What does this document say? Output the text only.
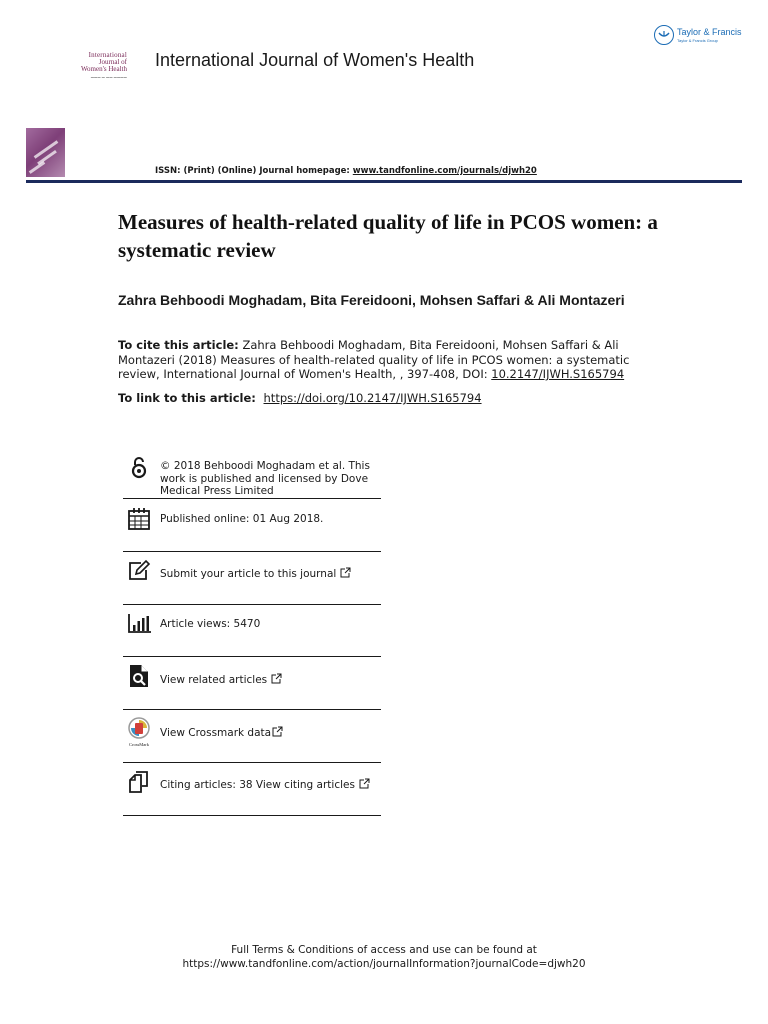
Taylor & Francis
Taylor & Francis Group
International
Journal of
Women's Health
▬▬▬ ▬ ▬▬ ▬▬▬▬
International Journal of Women's Health
ISSN: (Print) (Online) Journal homepage: www.tandfonline.com/journals/djwh20
Measures of health-related quality of life in PCOS women: a systematic review
Zahra Behboodi Moghadam, Bita Fereidooni, Mohsen Saffari & Ali Montazeri
To cite this article: Zahra Behboodi Moghadam, Bita Fereidooni, Mohsen Saffari & Ali Montazeri (2018) Measures of health-related quality of life in PCOS women: a systematic review, International Journal of Women's Health, , 397-408, DOI: 10.2147/IJWH.S165794
To link to this article: https://doi.org/10.2147/IJWH.S165794
© 2018 Behboodi Moghadam et al. This work is published and licensed by Dove Medical Press Limited
Published online: 01 Aug 2018.
Submit your article to this journal
Article views: 5470
View related articles
CrossMark
View Crossmark data
Citing articles: 38 View citing articles
Full Terms & Conditions of access and use can be found at
https://www.tandfonline.com/action/journalInformation?journalCode=djwh20
